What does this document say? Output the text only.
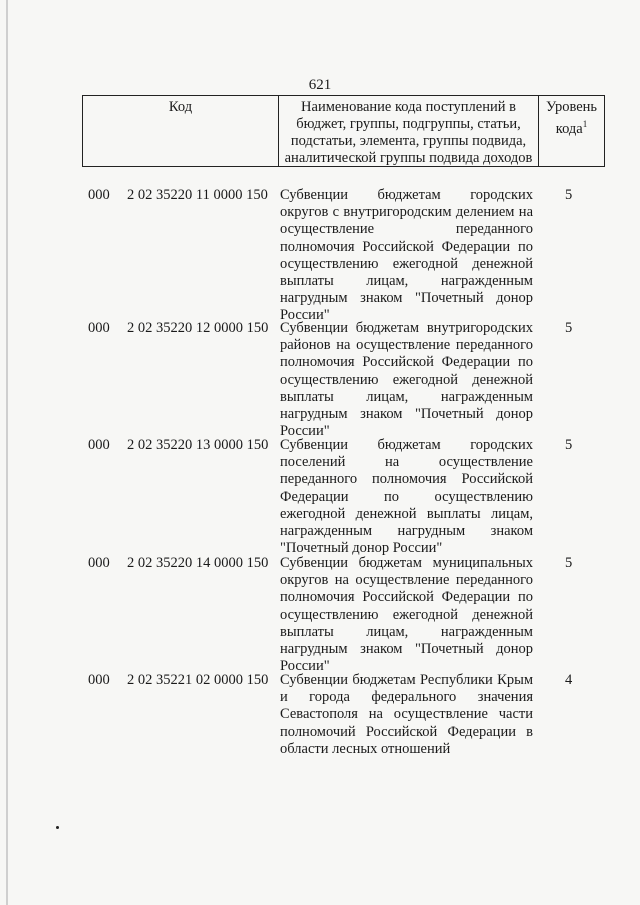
621
Код	Наименование кода поступлений в бюджет, группы, подгруппы, статьи, подстатьи, элемента, группы подвида, аналитической группы подвида доходов
Уровень кода$^1$
000 2 02 35220 11 0000 150 Субвенции бюджетам городских округов с внутригородским делением на осуществление переданного полномочия Российской Федерации по осуществлению ежегодной денежной выплаты лицам, награжденным нагрудным знаком "Почетный донор России"
5
000 2 02 35220 12 0000 150 Субвенции бюджетам внутригородских районов на осуществление переданного полномочия Российской Федерации по осуществлению ежегодной денежной выплаты лицам, награжденным нагрудным знаком "Почетный донор России"
5
000 2 02 35220 13 0000 150 Субвенции бюджетам городских поселений на осуществление переданного полномочия Российской Федерации по осуществлению ежегодной денежной выплаты лицам, награжденным нагрудным знаком "Почетный донор России"
5
000 2 02 35220 14 0000 150 Субвенции бюджетам муниципальных округов на осуществление переданного полномочия Российской Федерации по осуществлению ежегодной денежной выплаты лицам, награжденным нагрудным знаком "Почетный донор России"
5
000 2 02 35221 02 0000 150 Субвенции бюджетам Республики Крым и города федерального значения Севастополя на осуществление части полномочий Российской Федерации в области лесных отношений
4
